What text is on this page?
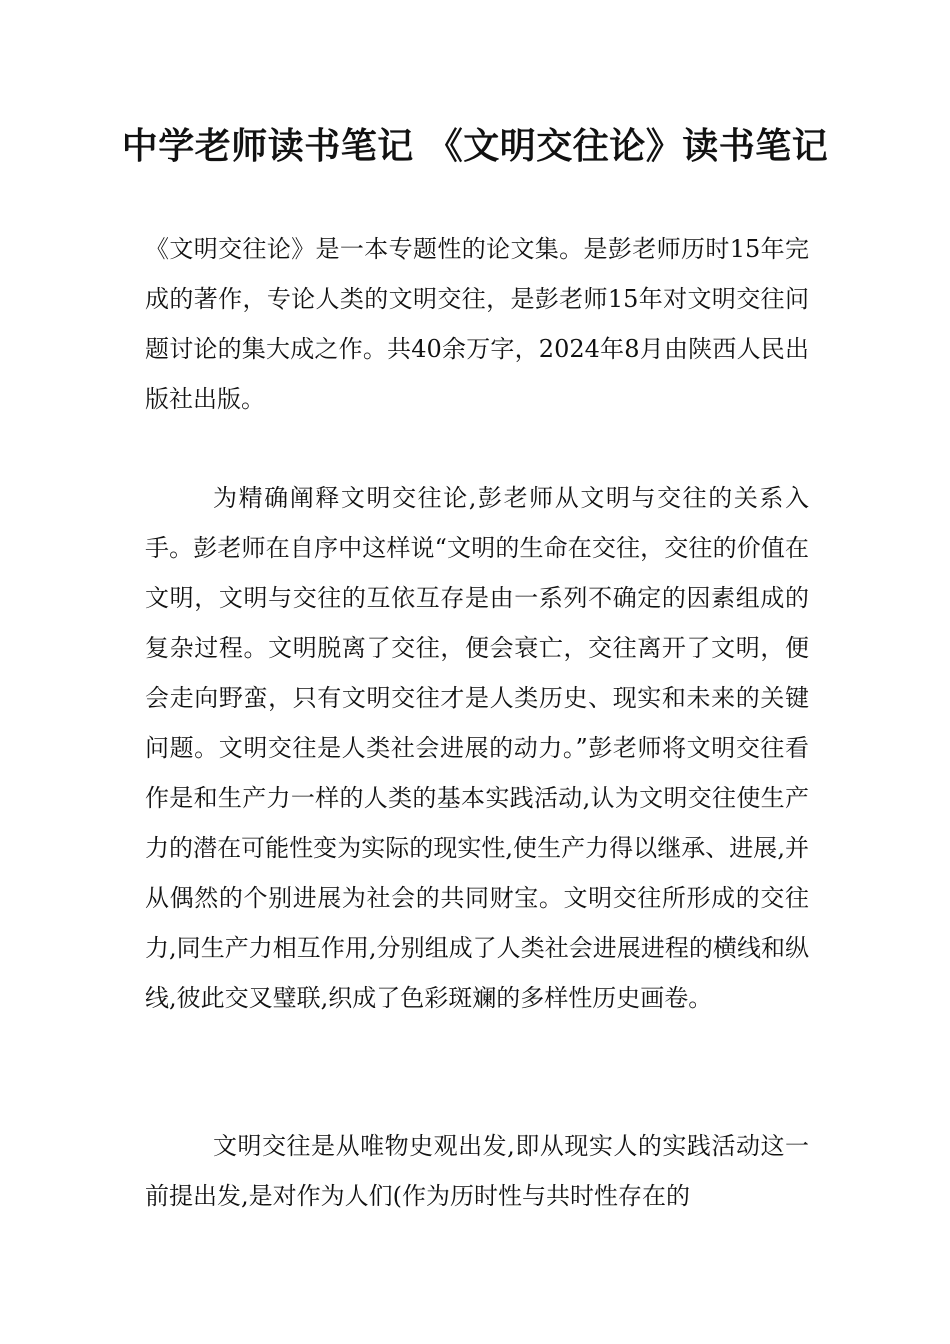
中学老师读书笔记 《文明交往论》读书笔记

《文明交往论》是一本专题性的论文集。是彭老师历时15年完成的著作，专论人类的文明交往，是彭老师15年对文明交往问题讨论的集大成之作。共40余万字，2024年8月由陕西人民出版社出版。

为精确阐释文明交往论,彭老师从文明与交往的关系入手。彭老师在自序中这样说“文明的生命在交往，交往的价值在文明，文明与交往的互依互存是由一系列不确定的因素组成的复杂过程。文明脱离了交往，便会衰亡，交往离开了文明，便会走向野蛮，只有文明交往才是人类历史、现实和未来的关键问题。文明交往是人类社会进展的动力。”彭老师将文明交往看作是和生产力一样的人类的基本实践活动,认为文明交往使生产力的潜在可能性变为实际的现实性,使生产力得以继承、进展,并从偶然的个别进展为社会的共同财宝。文明交往所形成的交往力,同生产力相互作用,分别组成了人类社会进展进程的横线和纵线,彼此交叉璧联,织成了色彩斑斓的多样性历史画卷。

文明交往是从唯物史观出发,即从现实人的实践活动这一前提出发,是对作为人们(作为历时性与共时性存在的
